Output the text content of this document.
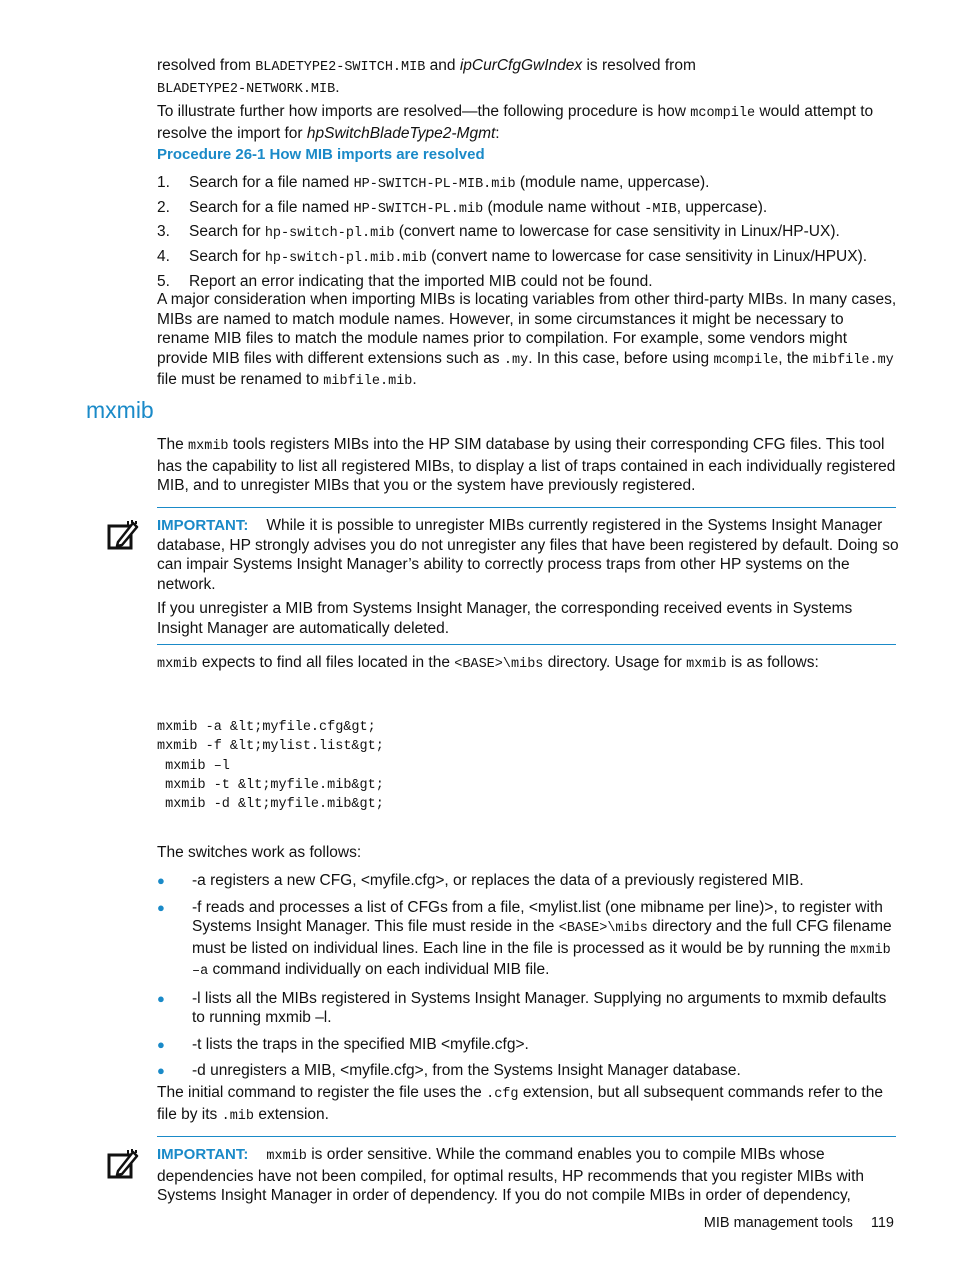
resolved from BLADETYPE2-SWITCH.MIB and ipCurCfgGwIndex is resolved from
BLADETYPE2-NETWORK.MIB.
To illustrate further how imports are resolved—the following procedure is how mcompile would attempt to resolve the import for hpSwitchBladeType2-Mgmt:
Procedure 26-1 How MIB imports are resolved
1.	Search for a file named HP-SWITCH-PL-MIB.mib (module name, uppercase).
2.	Search for a file named HP-SWITCH-PL.mib (module name without -MIB, uppercase).
3.	Search for hp-switch-pl.mib (convert name to lowercase for case sensitivity in Linux/HP-UX).
4.	Search for hp-switch-pl.mib.mib (convert name to lowercase for case sensitivity in Linux/HPUX).
5.	Report an error indicating that the imported MIB could not be found.
A major consideration when importing MIBs is locating variables from other third-party MIBs. In many cases, MIBs are named to match module names. However, in some circumstances it might be necessary to rename MIB files to match the module names prior to compilation. For example, some vendors might provide MIB files with different extensions such as .my. In this case, before using mcompile, the mibfile.my file must be renamed to mibfile.mib.
mxmib
The mxmib tools registers MIBs into the HP SIM database by using their corresponding CFG files. This tool has the capability to list all registered MIBs, to display a list of traps contained in each individually registered MIB, and to unregister MIBs that you or the system have previously registered.

IMPORTANT: While it is possible to unregister MIBs currently registered in the Systems Insight Manager database, HP strongly advises you do not unregister any files that have been registered by default. Doing so can impair Systems Insight Manager’s ability to correctly process traps from other HP systems on the network.

If you unregister a MIB from Systems Insight Manager, the corresponding received events in Systems Insight Manager are automatically deleted.

mxmib expects to find all files located in the <BASE>\mibs directory. Usage for mxmib is as follows:
mxmib -a &lt;myfile.cfg&gt;
mxmib -f &lt;mylist.list&gt;
mxmib –l
mxmib -t &lt;myfile.mib&gt;
mxmib -d &lt;myfile.mib&gt;
The switches work as follows:
●	-a registers a new CFG, <myfile.cfg>, or replaces the data of a previously registered MIB.
●	-f reads and processes a list of CFGs from a file, <mylist.list (one mibname per line)>, to register with Systems Insight Manager. This file must reside in the <BASE>\mibs directory and the full CFG filename must be listed on individual lines. Each line in the file is processed as it would be by running the mxmib –a command individually on each individual MIB file.
●	-l lists all the MIBs registered in Systems Insight Manager. Supplying no arguments to mxmib defaults to running mxmib –l.
●	-t lists the traps in the specified MIB <myfile.cfg>.
●	-d unregisters a MIB, <myfile.cfg>, from the Systems Insight Manager database.
The initial command to register the file uses the .cfg extension, but all subsequent commands refer to the file by its .mib extension.
IMPORTANT: mxmib is order sensitive. While the command enables you to compile MIBs whose dependencies have not been compiled, for optimal results, HP recommends that you register MIBs with Systems Insight Manager in order of dependency. If you do not compile MIBs in order of dependency,
MIB management tools 119
